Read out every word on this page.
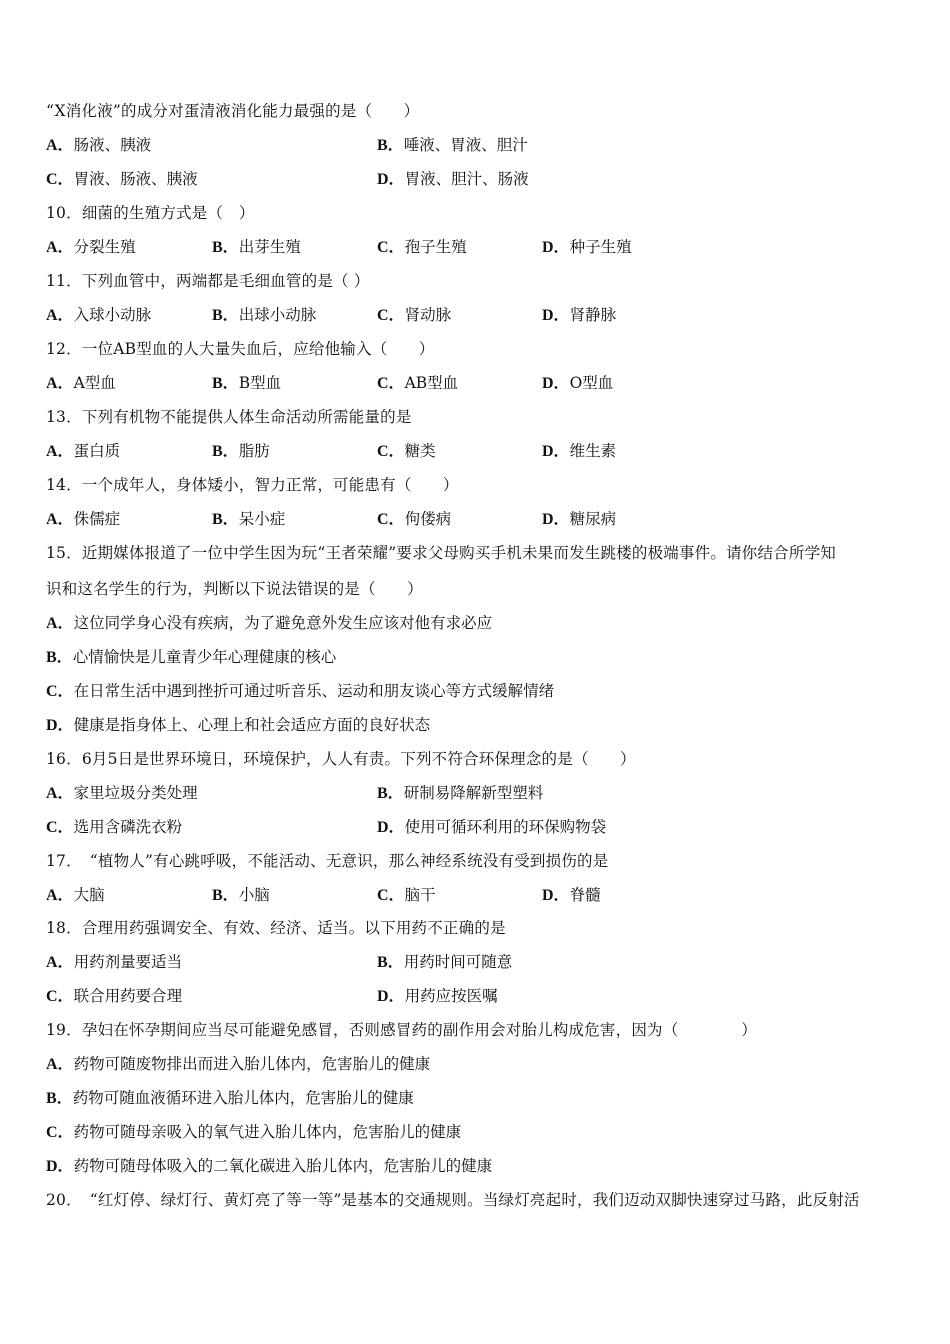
“X消化液”的成分对蛋清液消化能力最强的是（　　）
A．肠液、胰液	B．唾液、胃液、胆汁
C．胃液、肠液、胰液	D．胃液、胆汁、肠液
10．细菌的生殖方式是（　）
A．分裂生殖	B．出芽生殖	C．孢子生殖	D．种子生殖
11．下列血管中，两端都是毛细血管的是（ ）
A．入球小动脉	B．出球小动脉	C．肾动脉	D．肾静脉
12．一位AB型血的人大量失血后，应给他输入（　　）
A．A型血	B．B型血	C．AB型血	D．O型血
13．下列有机物不能提供人体生命活动所需能量的是
A．蛋白质	B．脂肪	C．糖类	D．维生素
14．一个成年人，身体矮小，智力正常，可能患有（　　）
A．侏儒症	B．呆小症	C．佝偻病	D．糖尿病
15．近期媒体报道了一位中学生因为玩“王者荣耀”要求父母购买手机未果而发生跳楼的极端事件。请你结合所学知
识和这名学生的行为，判断以下说法错误的是（　　）
A．这位同学身心没有疾病，为了避免意外发生应该对他有求必应
B．心情愉快是儿童青少年心理健康的核心
C．在日常生活中遇到挫折可通过听音乐、运动和朋友谈心等方式缓解情绪
D．健康是指身体上、心理上和社会适应方面的良好状态
16．6月5日是世界环境日，环境保护，人人有责。下列不符合环保理念的是（　　）
A．家里垃圾分类处理	B．研制易降解新型塑料
C．选用含磷洗衣粉	D．使用可循环利用的环保购物袋
17．　“植物人”有心跳呼吸，不能活动、无意识，那么神经系统没有受到损伤的是
A．大脑	B．小脑	C．脑干	D．脊髓
18．合理用药强调安全、有效、经济、适当。以下用药不正确的是
A．用药剂量要适当	B．用药时间可随意
C．联合用药要合理	D．用药应按医嘱
19．孕妇在怀孕期间应当尽可能避免感冒，否则感冒药的副作用会对胎儿构成危害，因为（　　　　）
A．药物可随废物排出而进入胎儿体内，危害胎儿的健康
B．药物可随血液循环进入胎儿体内，危害胎儿的健康
C．药物可随母亲吸入的氧气进入胎儿体内，危害胎儿的健康
D．药物可随母体吸入的二氧化碳进入胎儿体内，危害胎儿的健康
20．　“红灯停、绿灯行、黄灯亮了等一等”是基本的交通规则。当绿灯亮起时，我们迈动双脚快速穿过马路，此反射活
